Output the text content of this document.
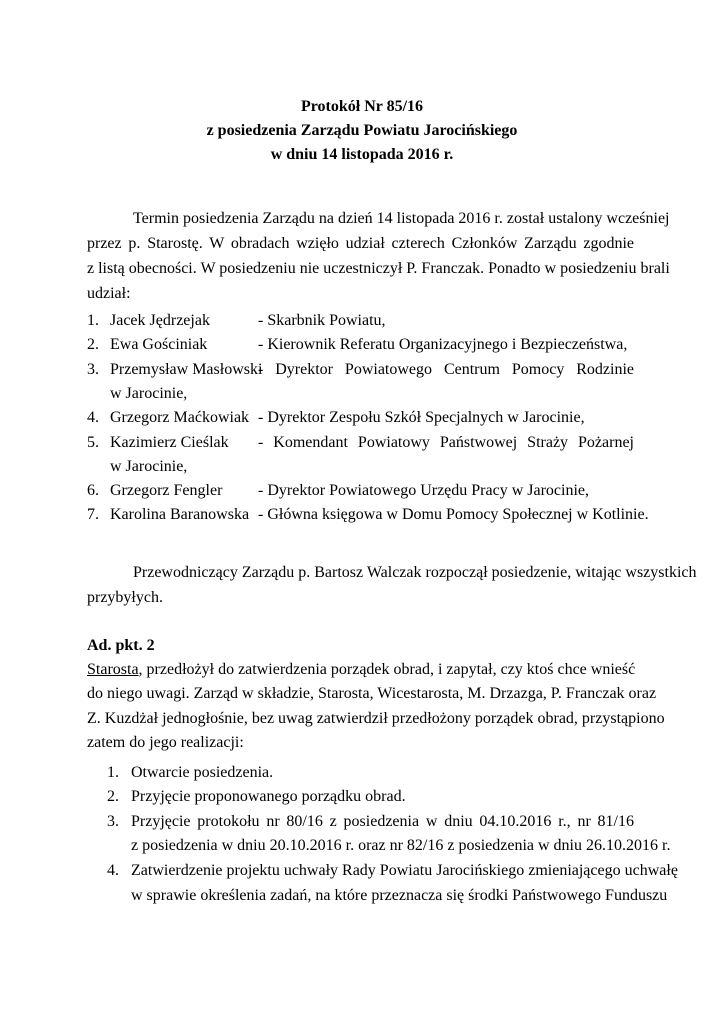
Protokół Nr 85/16
z posiedzenia Zarządu Powiatu Jarocińskiego
w dniu 14 listopada 2016 r.
Termin posiedzenia Zarządu na dzień 14 listopada 2016 r. został ustalony wcześniej
przez p. Starostę. W obradach wzięło udział czterech Członków Zarządu zgodnie
z listą obecności. W posiedzeniu nie uczestniczył P. Franczak. Ponadto w posiedzeniu brali
udział:
1. Jacek Jędrzejak	- Skarbnik Powiatu,
2. Ewa Gościniak	- Kierownik Referatu Organizacyjnego i Bezpieczeństwa,
3. Przemysław Masłowski
- Dyrektor Powiatowego Centrum Pomocy Rodzinie
w Jarocinie,
4. Grzegorz Maćkowiak - Dyrektor Zespołu Szkół Specjalnych w Jarocinie,
5. Kazimierz Cieślak - Komendant Powiatowy Państwowej Straży Pożarnej
w Jarocinie,
6. Grzegorz Fengler - Dyrektor Powiatowego Urzędu Pracy w Jarocinie,
7. Karolina Baranowska - Główna księgowa w Domu Pomocy Społecznej w Kotlinie.
Przewodniczący Zarządu p. Bartosz Walczak rozpoczął posiedzenie, witając wszystkich
przybyłych.
Ad. pkt. 2
Starosta, przedłożył do zatwierdzenia porządek obrad, i zapytał, czy ktoś chce wnieść
do niego uwagi. Zarząd w składzie, Starosta, Wicestarosta, M. Drzazga, P. Franczak oraz
Z. Kuzdżał jednogłośnie, bez uwag zatwierdził przedłożony porządek obrad, przystąpiono
zatem do jego realizacji:
1. Otwarcie posiedzenia.
2. Przyjęcie proponowanego porządku obrad.
3. Przyjęcie protokołu nr 80/16 z posiedzenia w dniu 04.10.2016 r., nr 81/16
z posiedzenia w dniu 20.10.2016 r. oraz nr 82/16 z posiedzenia w dniu 26.10.2016 r.
4. Zatwierdzenie projektu uchwały Rady Powiatu Jarocińskiego zmieniającego uchwałę
w sprawie określenia zadań, na które przeznacza się środki Państwowego Funduszu
